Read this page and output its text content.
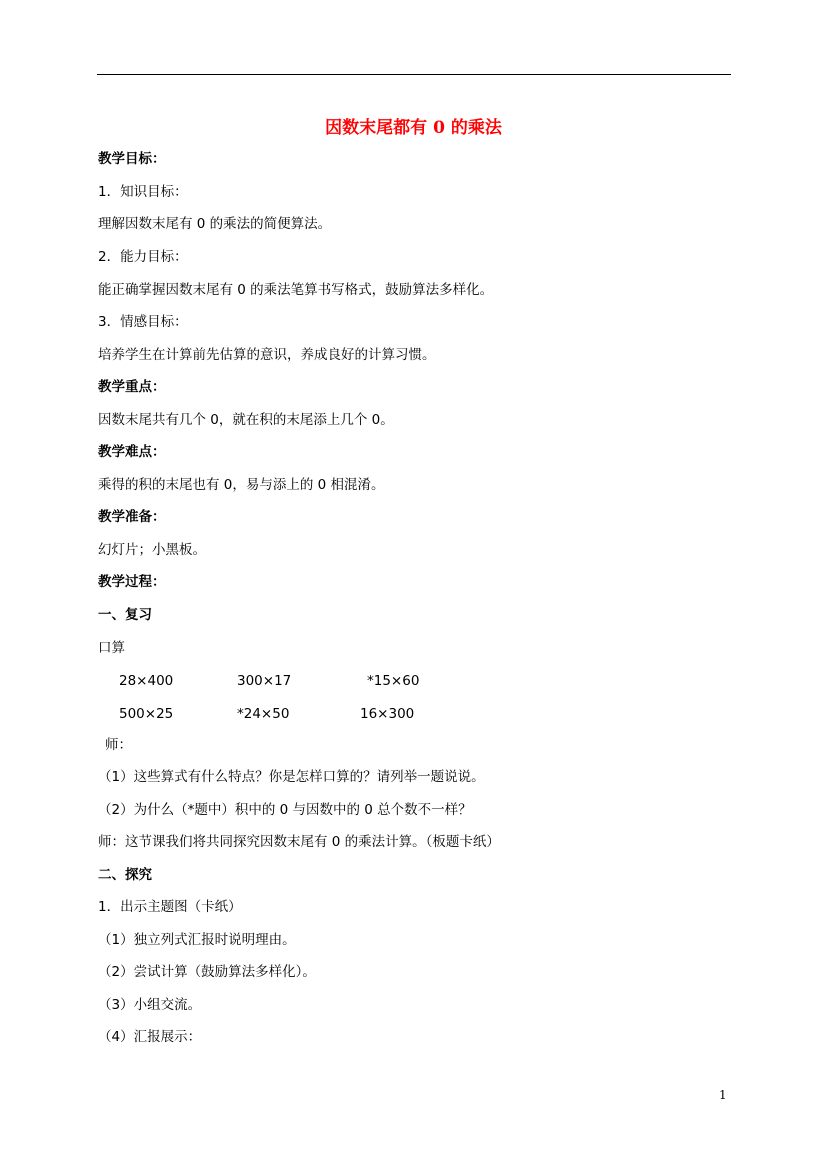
因数末尾都有 0 的乘法
教学目标：
1．知识目标：
理解因数末尾有 0 的乘法的简便算法。
2．能力目标：
能正确掌握因数末尾有 0 的乘法笔算书写格式，鼓励算法多样化。
3．情感目标：
培养学生在计算前先估算的意识，养成良好的计算习惯。
教学重点：
因数末尾共有几个 0，就在积的末尾添上几个 0。
教学难点：
乘得的积的末尾也有 0，易与添上的 0 相混淆。
教学准备：
幻灯片；小黑板。
教学过程：
一、复习
口算
28×400	300×17	*15×60
500×25	*24×50	16×300
师：
（1）这些算式有什么特点？你是怎样口算的？请列举一题说说。
（2）为什么（*题中）积中的 0 与因数中的 0 总个数不一样？
师：这节课我们将共同探究因数末尾有 0 的乘法计算。（板题卡纸）
二、探究
1．出示主题图（卡纸）
（1）独立列式汇报时说明理由。
（2）尝试计算（鼓励算法多样化）。
（3）小组交流。
（4）汇报展示：
1
